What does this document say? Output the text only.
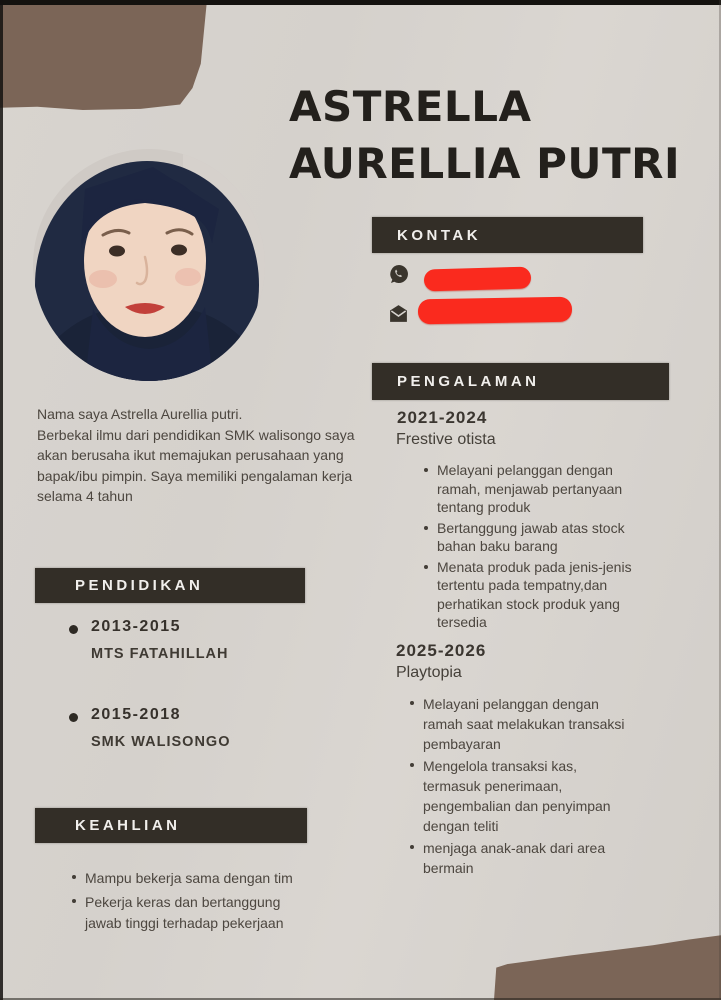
ASTRELLA
AURELLIA PUTRI
KONTAK
PENGALAMAN
2021-2024
Frestive otista
Melayani pelanggan dengan ramah, menjawab pertanyaan tentang produk
Bertanggung jawab atas stock bahan baku barang
Menata produk pada jenis-jenis tertentu pada tempatny,dan perhatikan stock produk yang tersedia
2025-2026
Playtopia
Melayani pelanggan dengan ramah saat melakukan transaksi pembayaran
Mengelola transaksi kas, termasuk penerimaan, pengembalian dan penyimpan dengan teliti
menjaga anak-anak dari area bermain
Nama saya Astrella Aurellia putri.
Berbekal ilmu dari pendidikan SMK walisongo saya akan berusaha ikut memajukan perusahaan yang bapak/ibu pimpin. Saya memiliki pengalaman kerja selama 4 tahun
PENDIDIKAN
2013-2015
MTS FATAHILLAH
2015-2018
SMK WALISONGO
KEAHLIAN
Mampu bekerja sama dengan tim
Pekerja keras dan bertanggung jawab tinggi terhadap pekerjaan
